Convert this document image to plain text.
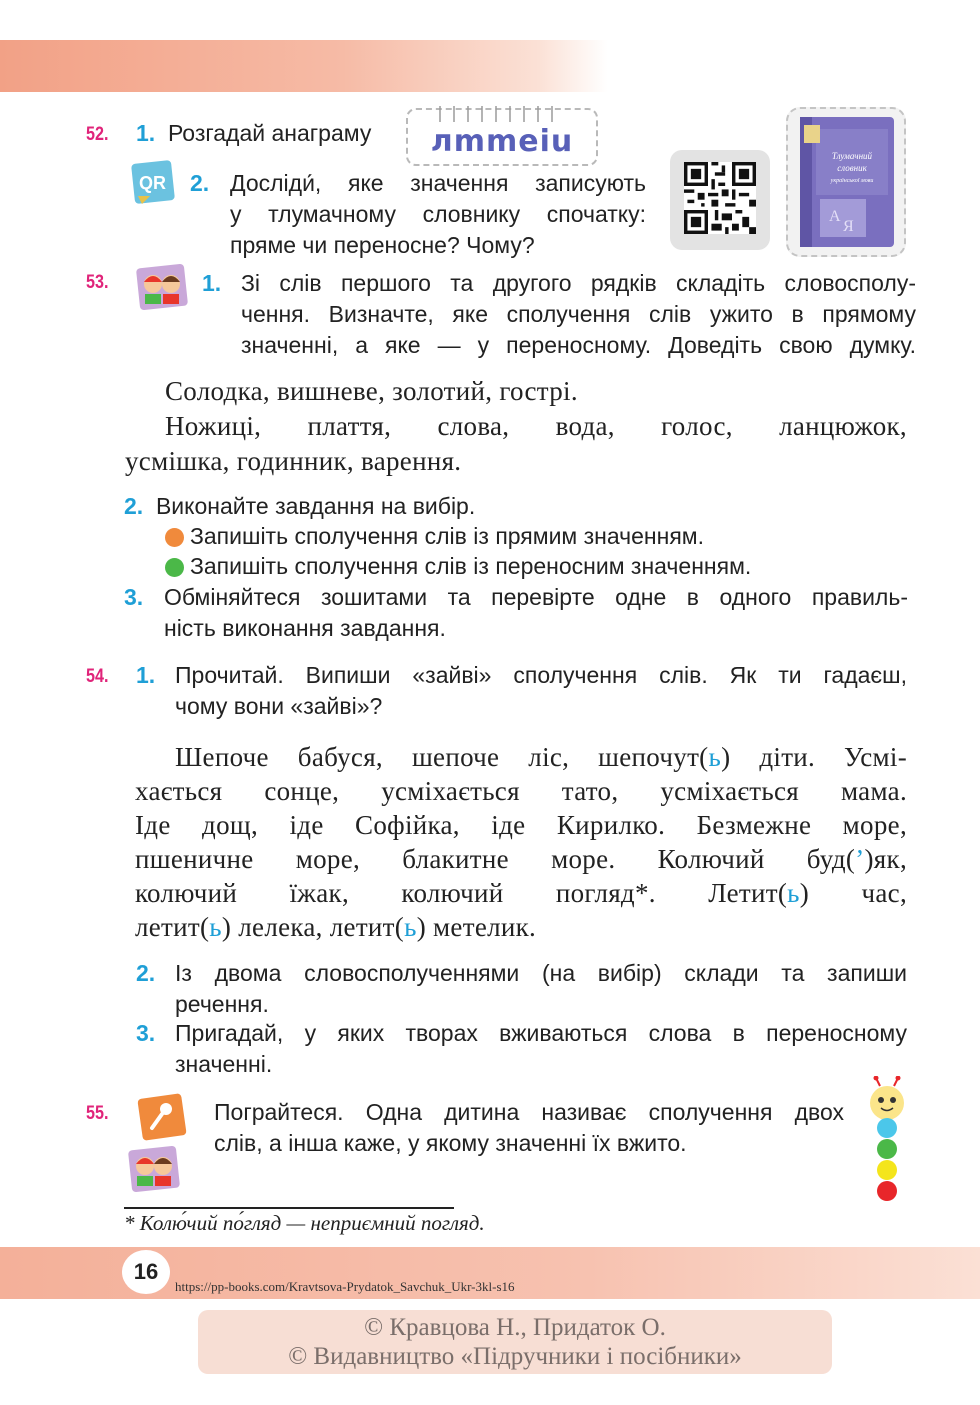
52. 1. Розгадай анаграму	лmmеiu
QR 2. Досліди́, яке значення записують
у тлумачному словнику спочатку:
пряме чи переносне? Чому?
Тлумачний
словник
української мови
А
Я
53.	1. Зі слів першого та другого рядків складіть словосполу-
чення. Визначте, яке сполучення слів ужито в прямому
значенні, а яке — у переносному. Доведіть свою думку.
Солодка, вишневе, золотий, гострі.
Ножиці, плаття, слова, вода, голос, ланцюжок,
усмішка, годинник, варення.
2. Виконайте завдання на вибір.
Запишіть сполучення слів із прямим значенням.
Запишіть сполучення слів із переносним значенням.
3. Обміняйтеся зошитами та перевірте одне в одного правиль-
ність виконання завдання.
54. 1. Прочитай. Випиши «зайві» сполучення слів. Як ти гадаєш,
чому вони «зайві»?
Шепоче бабуся, шепоче ліс, шепочут(ь) діти. Усмі-
хається сонце, усміхається тато, усміхається мама.
Іде дощ, іде Софійка, іде Кирилко. Безмежне море,
пшеничне море, блакитне море. Колючий буд(’)як,
колючий їжак, колючий погляд*. Летит(ь) час,
летит(ь) лелека, летит(ь) метелик.
2. Із двома словосполученнями (на вибір) склади та запиши
речення.
3. Пригадай, у яких творах вживаються слова в переносному
значенні.
55.	Пограйтеся. Одна дитина називає сполучення двох
слів, а інша каже, у якому значенні їх вжито.
* Колю́чий по́гляд — неприємний погляд.
16
https://pp-books.com/Kravtsova-Prydatok_Savchuk_Ukr-3kl-s16
© Кравцова Н., Придаток О.
© Видавництво «Підручники і посібники»
